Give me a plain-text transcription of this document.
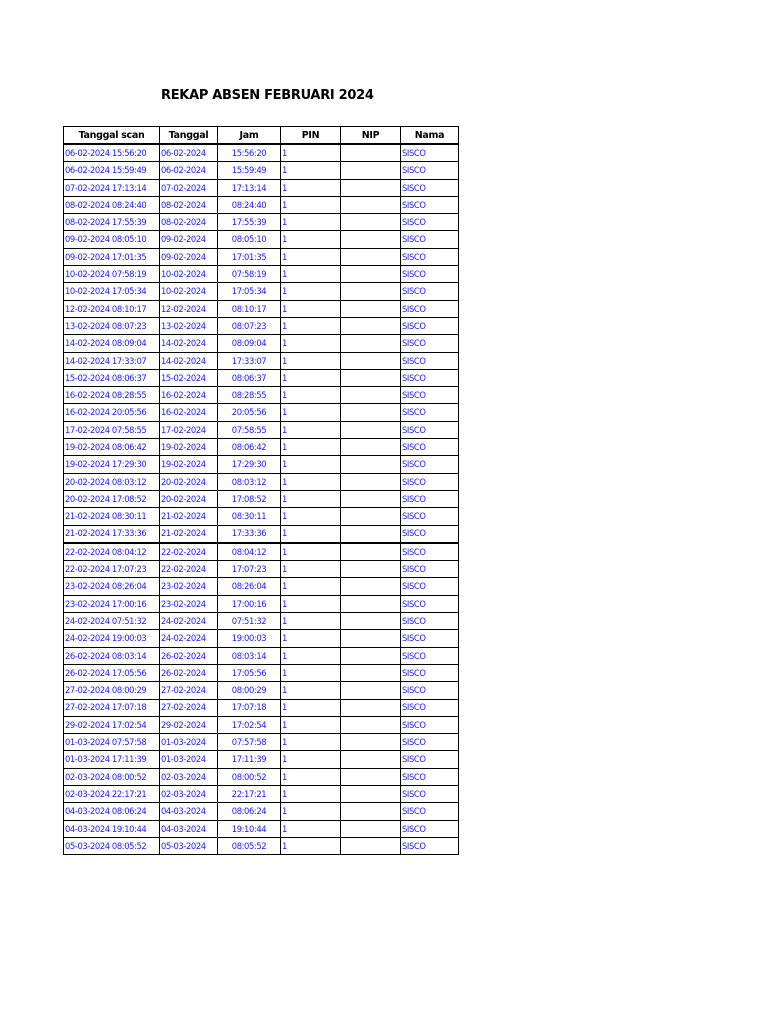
REKAP ABSEN FEBRUARI 2024
Tanggal scan	Tanggal	Jam	PIN	NIP	Nama
06-02-2024 15:56:20	06-02-2024	15:56:20	1		SISCO
06-02-2024 15:59:49	06-02-2024	15:59:49	1		SISCO
07-02-2024 17:13:14	07-02-2024	17:13:14	1		SISCO
08-02-2024 08:24:40	08-02-2024	08:24:40	1		SISCO
08-02-2024 17:55:39	08-02-2024	17:55:39	1		SISCO
09-02-2024 08:05:10	09-02-2024	08:05:10	1		SISCO
09-02-2024 17:01:35	09-02-2024	17:01:35	1		SISCO
10-02-2024 07:58:19	10-02-2024	07:58:19	1		SISCO
10-02-2024 17:05:34	10-02-2024	17:05:34	1		SISCO
12-02-2024 08:10:17	12-02-2024	08:10:17	1		SISCO
13-02-2024 08:07:23	13-02-2024	08:07:23	1		SISCO
14-02-2024 08:09:04	14-02-2024	08:09:04	1		SISCO
14-02-2024 17:33:07	14-02-2024	17:33:07	1		SISCO
15-02-2024 08:06:37	15-02-2024	08:06:37	1		SISCO
16-02-2024 08:28:55	16-02-2024	08:28:55	1		SISCO
16-02-2024 20:05:56	16-02-2024	20:05:56	1		SISCO
17-02-2024 07:58:55	17-02-2024	07:58:55	1		SISCO
19-02-2024 08:06:42	19-02-2024	08:06:42	1		SISCO
19-02-2024 17:29:30	19-02-2024	17:29:30	1		SISCO
20-02-2024 08:03:12	20-02-2024	08:03:12	1		SISCO
20-02-2024 17:08:52	20-02-2024	17:08:52	1		SISCO
21-02-2024 08:30:11	21-02-2024	08:30:11	1		SISCO
21-02-2024 17:33:36	21-02-2024	17:33:36	1		SISCO
22-02-2024 08:04:12	22-02-2024	08:04:12	1		SISCO
22-02-2024 17:07:23	22-02-2024	17:07:23	1		SISCO
23-02-2024 08:26:04	23-02-2024	08:26:04	1		SISCO
23-02-2024 17:00:16	23-02-2024	17:00:16	1		SISCO
24-02-2024 07:51:32	24-02-2024	07:51:32	1		SISCO
24-02-2024 19:00:03	24-02-2024	19:00:03	1		SISCO
26-02-2024 08:03:14	26-02-2024	08:03:14	1		SISCO
26-02-2024 17:05:56	26-02-2024	17:05:56	1		SISCO
27-02-2024 08:00:29	27-02-2024	08:00:29	1		SISCO
27-02-2024 17:07:18	27-02-2024	17:07:18	1		SISCO
29-02-2024 17:02:54	29-02-2024	17:02:54	1		SISCO
01-03-2024 07:57:58	01-03-2024	07:57:58	1		SISCO
01-03-2024 17:11:39	01-03-2024	17:11:39	1		SISCO
02-03-2024 08:00:52	02-03-2024	08:00:52	1		SISCO
02-03-2024 22:17:21	02-03-2024	22:17:21	1		SISCO
04-03-2024 08:06:24	04-03-2024	08:06:24	1		SISCO
04-03-2024 19:10:44	04-03-2024	19:10:44	1		SISCO
05-03-2024 08:05:52	05-03-2024	08:05:52	1		SISCO
